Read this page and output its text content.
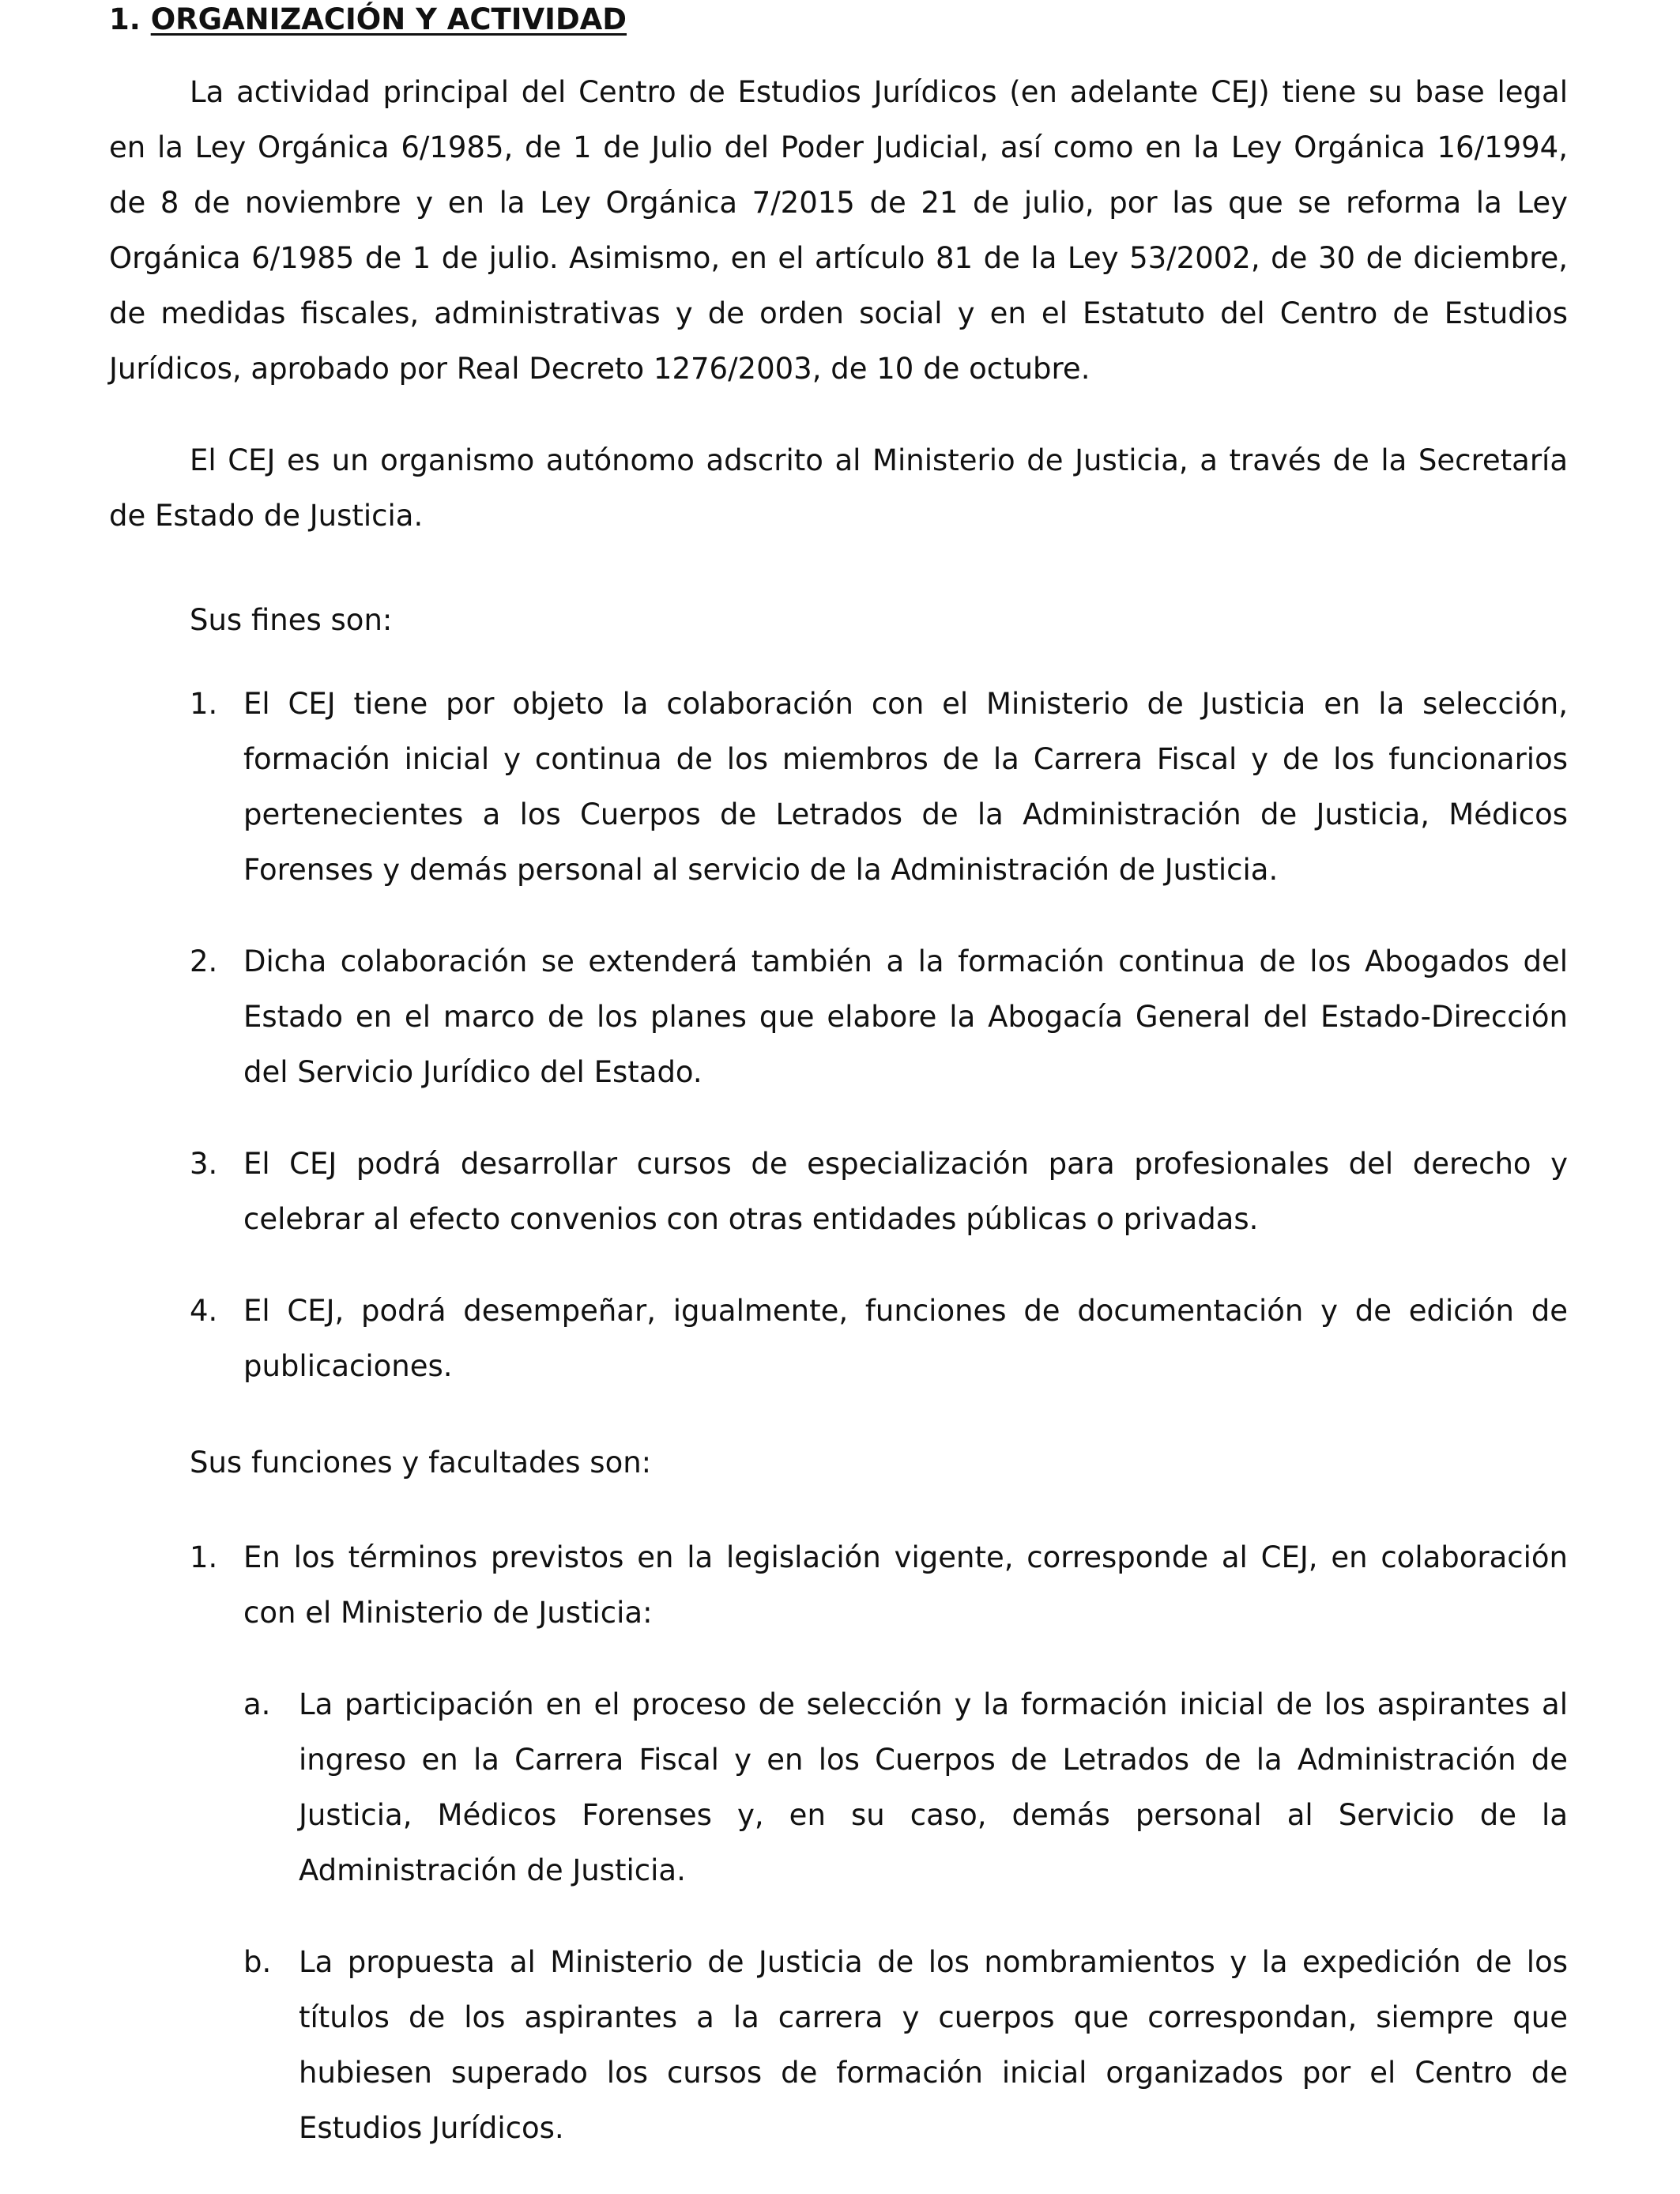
1. ORGANIZACIÓN Y ACTIVIDAD

La actividad principal del Centro de Estudios Jurídicos (en adelante CEJ) tiene su base legal en la Ley Orgánica 6/1985, de 1 de Julio del Poder Judicial, así como en la Ley Orgánica 16/1994, de 8 de noviembre y en la Ley Orgánica 7/2015 de 21 de julio, por las que se reforma la Ley Orgánica 6/1985 de 1 de julio. Asimismo, en el artículo 81 de la Ley 53/2002, de 30 de diciembre, de medidas fiscales, administrativas y de orden social y en el Estatuto del Centro de Estudios Jurídicos, aprobado por Real Decreto 1276/2003, de 10 de octubre.

El CEJ es un organismo autónomo adscrito al Ministerio de Justicia, a través de la Secretaría de Estado de Justicia.

Sus fines son:

1. El CEJ tiene por objeto la colaboración con el Ministerio de Justicia en la selección, formación inicial y continua de los miembros de la Carrera Fiscal y de los funcionarios pertenecientes a los Cuerpos de Letrados de la Administración de Justicia, Médicos Forenses y demás personal al servicio de la Administración de Justicia.
2. Dicha colaboración se extenderá también a la formación continua de los Abogados del Estado en el marco de los planes que elabore la Abogacía General del Estado-Dirección del Servicio Jurídico del Estado.
3. El CEJ podrá desarrollar cursos de especialización para profesionales del derecho y celebrar al efecto convenios con otras entidades públicas o privadas.
4. El CEJ, podrá desempeñar, igualmente, funciones de documentación y de edición de publicaciones.

Sus funciones y facultades son:

1. En los términos previstos en la legislación vigente, corresponde al CEJ, en colaboración con el Ministerio de Justicia:
a. La participación en el proceso de selección y la formación inicial de los aspirantes al ingreso en la Carrera Fiscal y en los Cuerpos de Letrados de la Administración de Justicia, Médicos Forenses y, en su caso, demás personal al Servicio de la Administración de Justicia.
b. La propuesta al Ministerio de Justicia de los nombramientos y la expedición de los títulos de los aspirantes a la carrera y cuerpos que correspondan, siempre que hubiesen superado los cursos de formación inicial organizados por el Centro de Estudios Jurídicos.
